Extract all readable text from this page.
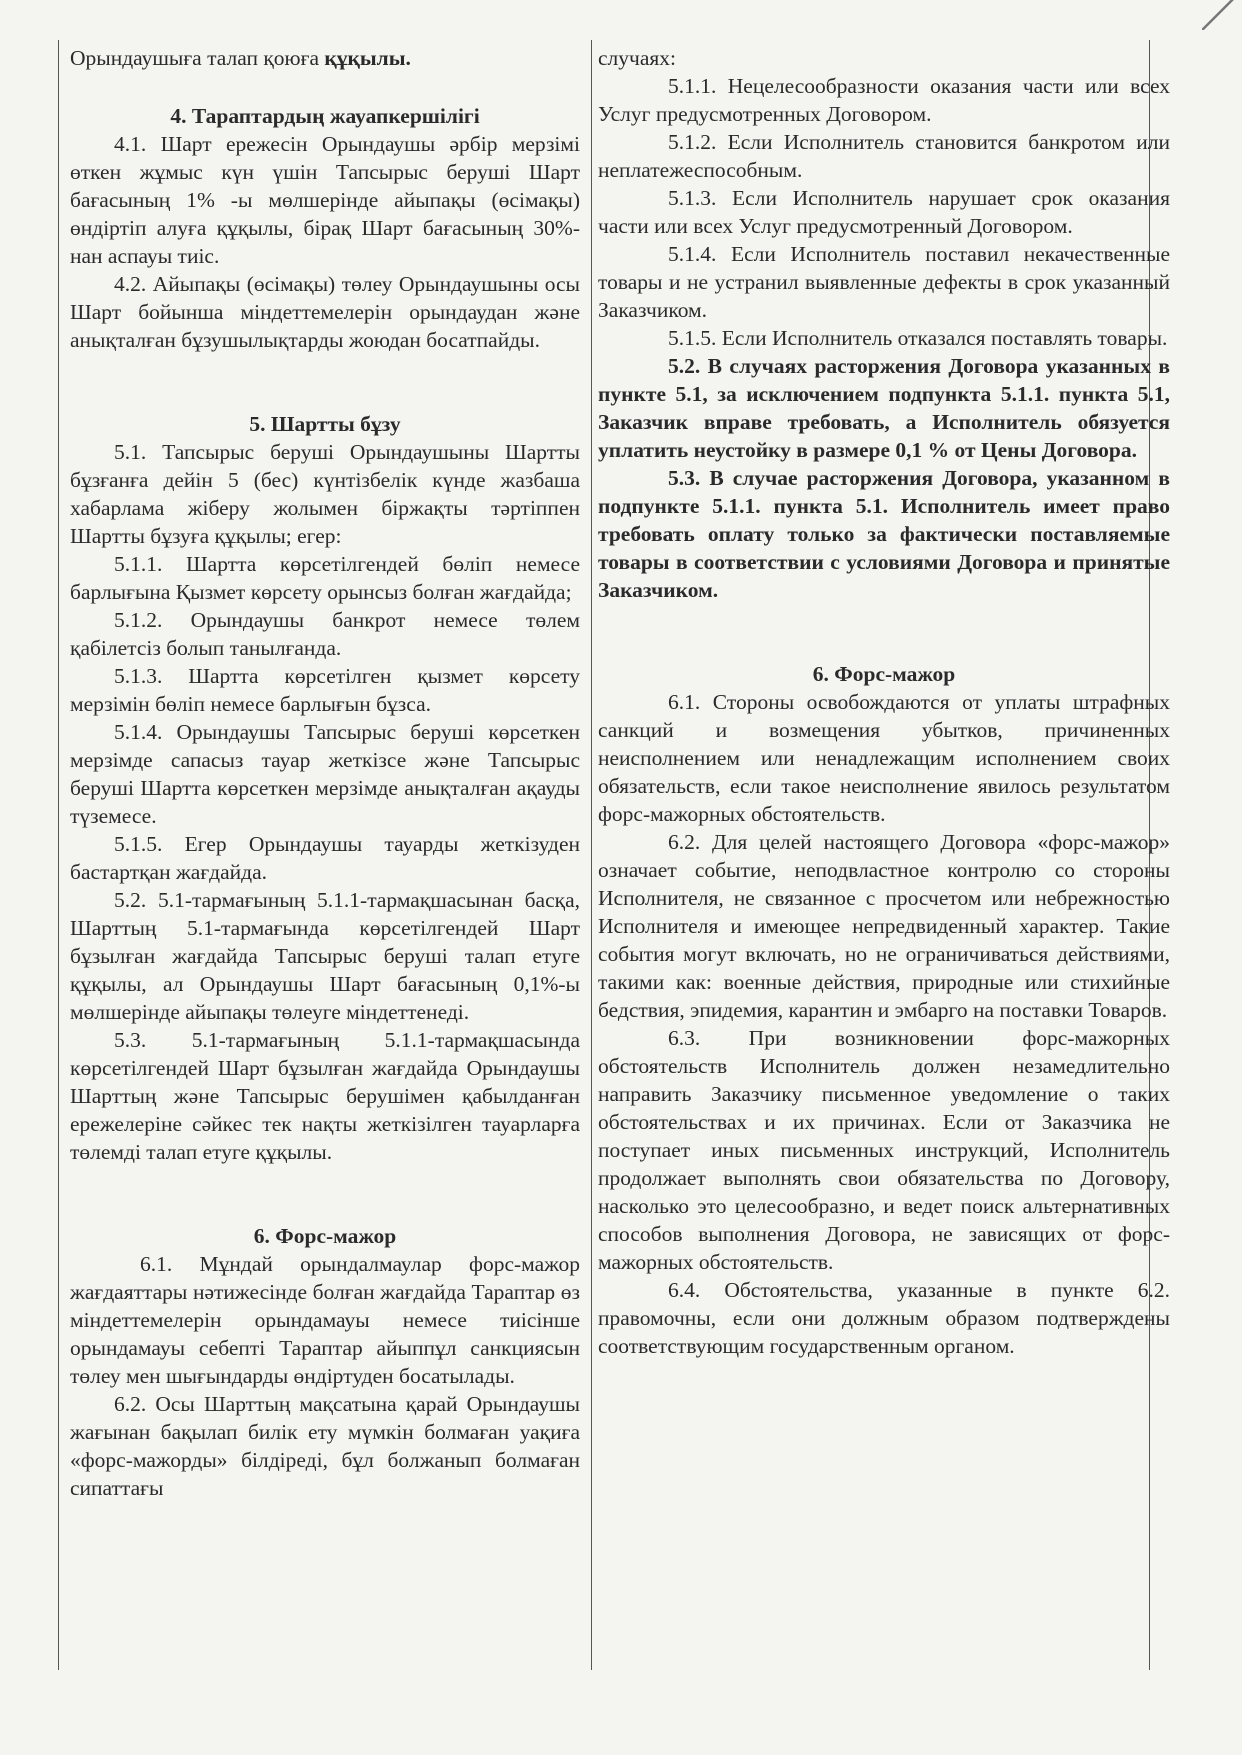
Орындаушыға талап қоюға құқылы.

4. Тараптардың жауапкершілігі

4.1. Шарт ережесін Орындаушы әрбір мерзімі өткен жұмыс күн үшін Тапсырыс беруші Шарт бағасының 1% -ы мөлшерінде айыпақы (өсімақы) өндіртіп алуға құқылы, бірақ Шарт бағасының 30%-нан аспауы тиіс.

4.2. Айыпақы (өсімақы) төлеу Орындаушыны осы Шарт бойынша міндеттемелерін орындаудан және анықталған бұзушылықтарды жоюдан босатпайды.

5. Шартты бұзу

5.1. Тапсырыс беруші Орындаушыны Шартты бұзғанға дейін 5 (бес) күнтізбелік күнде жазбаша хабарлама жіберу жолымен біржақты тәртіппен Шартты бұзуға құқылы; егер:

5.1.1. Шартта көрсетілгендей бөліп немесе барлығына Қызмет көрсету орынсыз болған жағдайда;

5.1.2. Орындаушы банкрот немесе төлем қабілетсіз болып танылғанда.

5.1.3. Шартта көрсетілген қызмет көрсету мерзімін бөліп немесе барлығын бұзса.

5.1.4. Орындаушы Тапсырыс беруші көрсеткен мерзімде сапасыз тауар жеткізсе және Тапсырыс беруші Шартта көрсеткен мерзімде анықталған ақауды түземесе.

5.1.5. Егер Орындаушы тауарды жеткізуден бастартқан жағдайда.

5.2. 5.1-тармағының 5.1.1-тармақшасынан басқа, Шарттың 5.1-тармағында көрсетілгендей Шарт бұзылған жағдайда Тапсырыс беруші талап етуге құқылы, ал Орындаушы Шарт бағасының 0,1%-ы мөлшерінде айыпақы төлеуге міндеттенеді.

5.3. 5.1-тармағының 5.1.1-тармақшасында көрсетілгендей Шарт бұзылған жағдайда Орындаушы Шарттың және Тапсырыс берушімен қабылданған ережелеріне сәйкес тек нақты жеткізілген тауарларға төлемді талап етуге құқылы.

6. Форс-мажор

6.1. Мұндай орындалмаулар форс-мажор жағдаяттары нәтижесінде болған жағдайда Тараптар өз міндеттемелерін орындамауы немесе тиісінше орындамауы себепті Тараптар айыппұл санкциясын төлеу мен шығындарды өндіртуден босатылады.

6.2. Осы Шарттың мақсатына қарай Орындаушы жағынан бақылап билік ету мүмкін болмаған уақиға «форс-мажорды» білдіреді, бұл болжанып болмаған сипаттағы

случаях:

5.1.1. Нецелесообразности оказания части или всех Услуг предусмотренных Договором.

5.1.2. Если Исполнитель становится банкротом или неплатежеспособным.

5.1.3. Если Исполнитель нарушает срок оказания части или всех Услуг предусмотренный Договором.

5.1.4. Если Исполнитель поставил некачественные товары и не устранил выявленные дефекты в срок указанный Заказчиком.

5.1.5. Если Исполнитель отказался поставлять товары.

5.2. В случаях расторжения Договора указанных в пункте 5.1, за исключением подпункта 5.1.1. пункта 5.1, Заказчик вправе требовать, а Исполнитель обязуется уплатить неустойку в размере 0,1 % от Цены Договора.

5.3. В случае расторжения Договора, указанном в подпункте 5.1.1. пункта 5.1. Исполнитель имеет право требовать оплату только за фактически поставляемые товары в соответствии с условиями Договора и принятые Заказчиком.

6. Форс-мажор

6.1. Стороны освобождаются от уплаты штрафных санкций и возмещения убытков, причиненных неисполнением или ненадлежащим исполнением своих обязательств, если такое неисполнение явилось результатом форс-мажорных обстоятельств.

6.2. Для целей настоящего Договора «форс-мажор» означает событие, неподвластное контролю со стороны Исполнителя, не связанное с просчетом или небрежностью Исполнителя и имеющее непредвиденный характер. Такие события могут включать, но не ограничиваться действиями, такими как: военные действия, природные или стихийные бедствия, эпидемия, карантин и эмбарго на поставки Товаров.

6.3. При возникновении форс-мажорных обстоятельств Исполнитель должен незамедлительно направить Заказчику письменное уведомление о таких обстоятельствах и их причинах. Если от Заказчика не поступает иных письменных инструкций, Исполнитель продолжает выполнять свои обязательства по Договору, насколько это целесообразно, и ведет поиск альтернативных способов выполнения Договора, не зависящих от форс-мажорных обстоятельств.

6.4. Обстоятельства, указанные в пункте 6.2. правомочны, если они должным образом подтверждены соответствующим государственным органом.
